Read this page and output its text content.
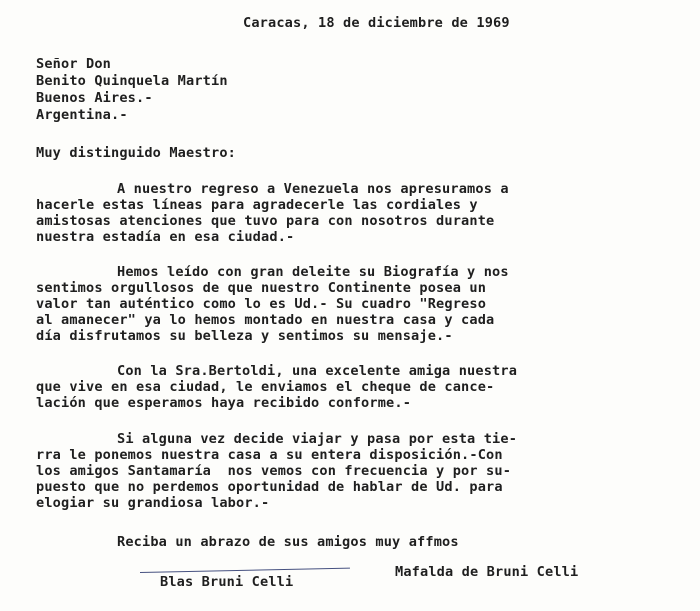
Caracas, 18 de diciembre de 1969
Señor Don
Benito Quinquela Martín
Buenos Aires.-
Argentina.-
Muy distinguido Maestro:
A nuestro regreso a Venezuela nos apresuramos a
hacerle estas líneas para agradecerle las cordiales y
amistosas atenciones que tuvo para con nosotros durante
nuestra estadía en esa ciudad.-
Hemos leído con gran deleite su Biografía y nos
sentimos orgullosos de que nuestro Continente posea un
valor tan auténtico como lo es Ud.- Su cuadro "Regreso
al amanecer" ya lo hemos montado en nuestra casa y cada
día disfrutamos su belleza y sentimos su mensaje.-
Con la Sra.Bertoldi, una excelente amiga nuestra
que vive en esa ciudad, le enviamos el cheque de cance-
lación que esperamos haya recibido conforme.-
Si alguna vez decide viajar y pasa por esta tie-
rra le ponemos nuestra casa a su entera disposición.-Con
los amigos Santamaría  nos vemos con frecuencia y por su-
puesto que no perdemos oportunidad de hablar de Ud. para
elogiar su grandiosa labor.-
Reciba un abrazo de sus amigos muy affmos
Blas Bruni Celli
Mafalda de Bruni Celli
